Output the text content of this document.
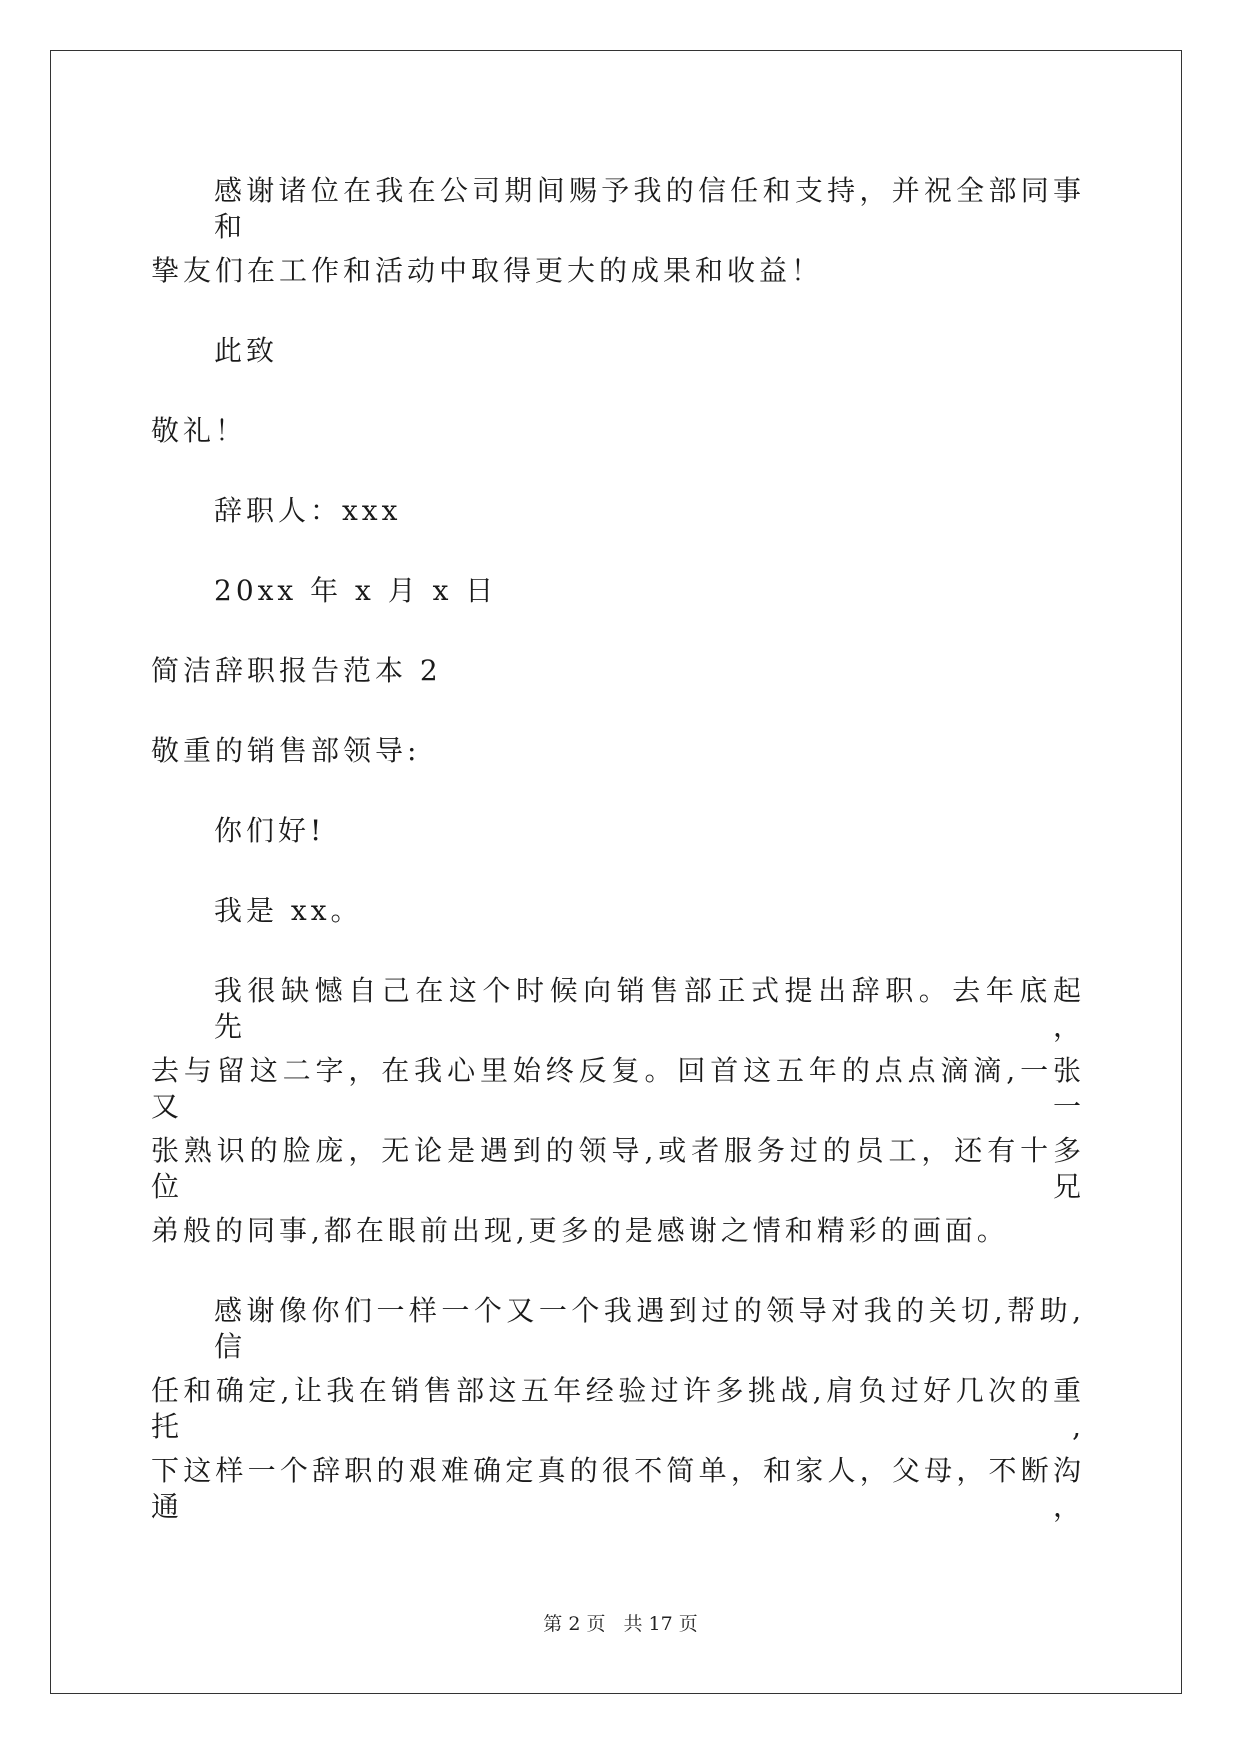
感谢诸位在我在公司期间赐予我的信任和支持，并祝全部同事和
挚友们在工作和活动中取得更大的成果和收益！
此致
敬礼！
辞职人：xxx
20xx 年 x 月 x 日
简洁辞职报告范本 2
敬重的销售部领导:
你们好!
我是 xx。
我很缺憾自己在这个时候向销售部正式提出辞职。去年底起先，
去与留这二字，在我心里始终反复。回首这五年的点点滴滴,一张又一
张熟识的脸庞，无论是遇到的领导,或者服务过的员工，还有十多位兄
弟般的同事,都在眼前出现,更多的是感谢之情和精彩的画面。
感谢像你们一样一个又一个我遇到过的领导对我的关切,帮助,信
任和确定,让我在销售部这五年经验过许多挑战,肩负过好几次的重托,
下这样一个辞职的艰难确定真的很不简单，和家人，父母，不断沟通，
第 2 页 共 17 页
